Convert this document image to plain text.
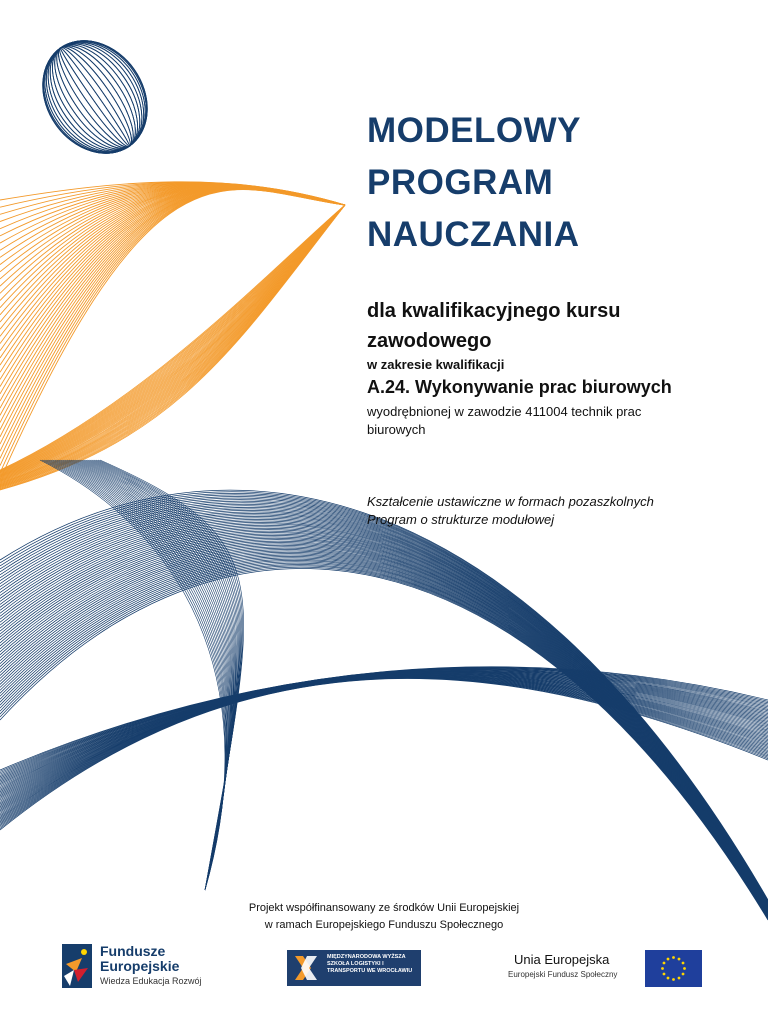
MODELOWY
PROGRAM
NAUCZANIA
dla kwalifikacyjnego kursu zawodowego
w zakresie kwalifikacji
A.24. Wykonywanie prac biurowych
wyodrębnionej w zawodzie 411004 technik prac biurowych
Kształcenie ustawiczne w formach pozaszkolnych
Program o strukturze modułowej
Projekt współfinansowany ze środków Unii Europejskiej
w ramach Europejskiego Funduszu Społecznego
Fundusze Europejskie
Wiedza Edukacja Rozwój
MIĘDZYNARODOWA WYŻSZA SZKOŁA LOGISTYKI I TRANSPORTU WE WROCŁAWIU
Unia Europejska
Europejski Fundusz Społeczny
